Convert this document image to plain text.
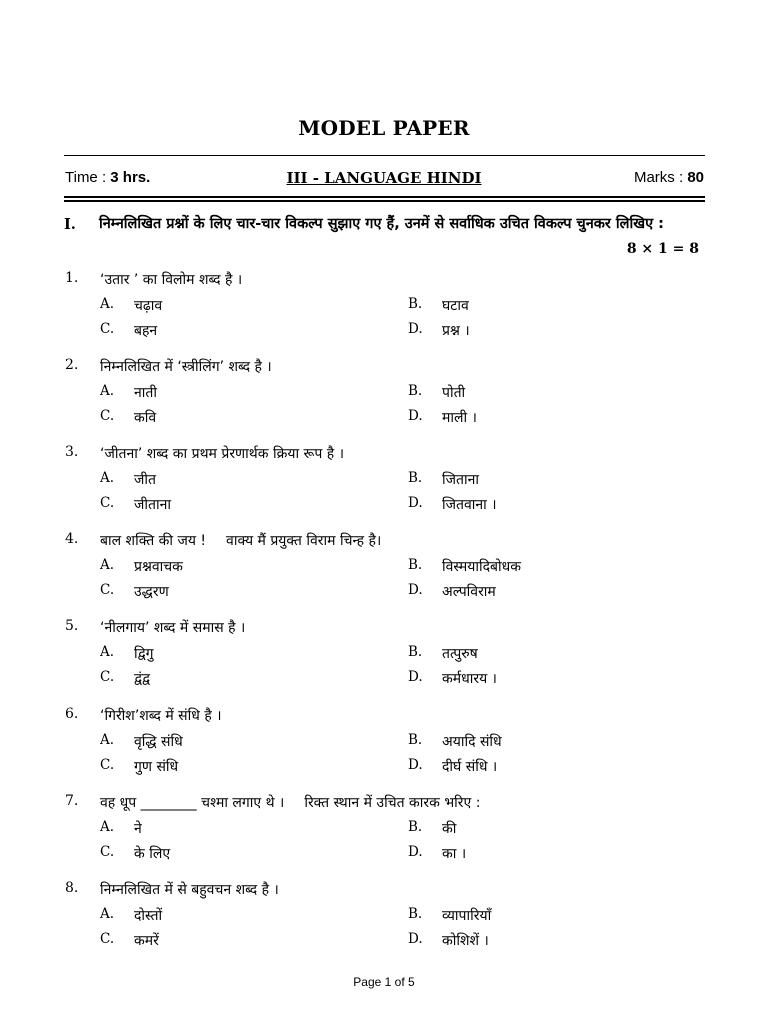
MODEL PAPER
Time : 3 hrs.	III - LANGUAGE HINDI	Marks : 80
I. निम्नलिखित प्रश्नों के लिए चार-चार विकल्प सुझाए गए हैं, उनमें से सर्वाधिक उचित विकल्प चुनकर लिखिए :
8 × 1 = 8
1. ‘उतार ’ का विलोम शब्द है ।
A. चढ़ाव	B. घटाव
C. बहन	D. प्रश्न ।
2. निम्नलिखित में ‘स्त्रीलिंग’ शब्द है ।
A. नाती	B. पोती
C. कवि	D. माली ।
3. ‘जीतना’ शब्द का प्रथम प्रेरणार्थक क्रिया रूप है ।
A. जीत	B. जिताना
C. जीताना	D. जितवाना ।
4. बाल शक्ति की जय ! वाक्य मैं प्रयुक्त विराम चिन्ह है।
A. प्रश्नवाचक	B. विस्मयादिबोधक
C. उद्धरण	D. अल्पविराम
5. ‘नीलगाय’ शब्द में समास है ।
A. द्विगु	B. तत्पुरुष
C. द्वंद्व	D. कर्मधारय ।
6. ‘गिरीश’शब्द में संधि है ।
A. वृद्धि संधि	B. अयादि संधि
C. गुण संधि	D. दीर्घ संधि ।
7. वह धूप ________ चश्मा लगाए थे । रिक्त स्थान में उचित कारक भरिए :
A. ने	B. की
C. के लिए	D. का ।
8. निम्नलिखित में से बहुवचन शब्द है ।
A. दोस्तों	B. व्यापारियाँ
C. कमरें	D. कोशिशें ।
Page 1 of 5
